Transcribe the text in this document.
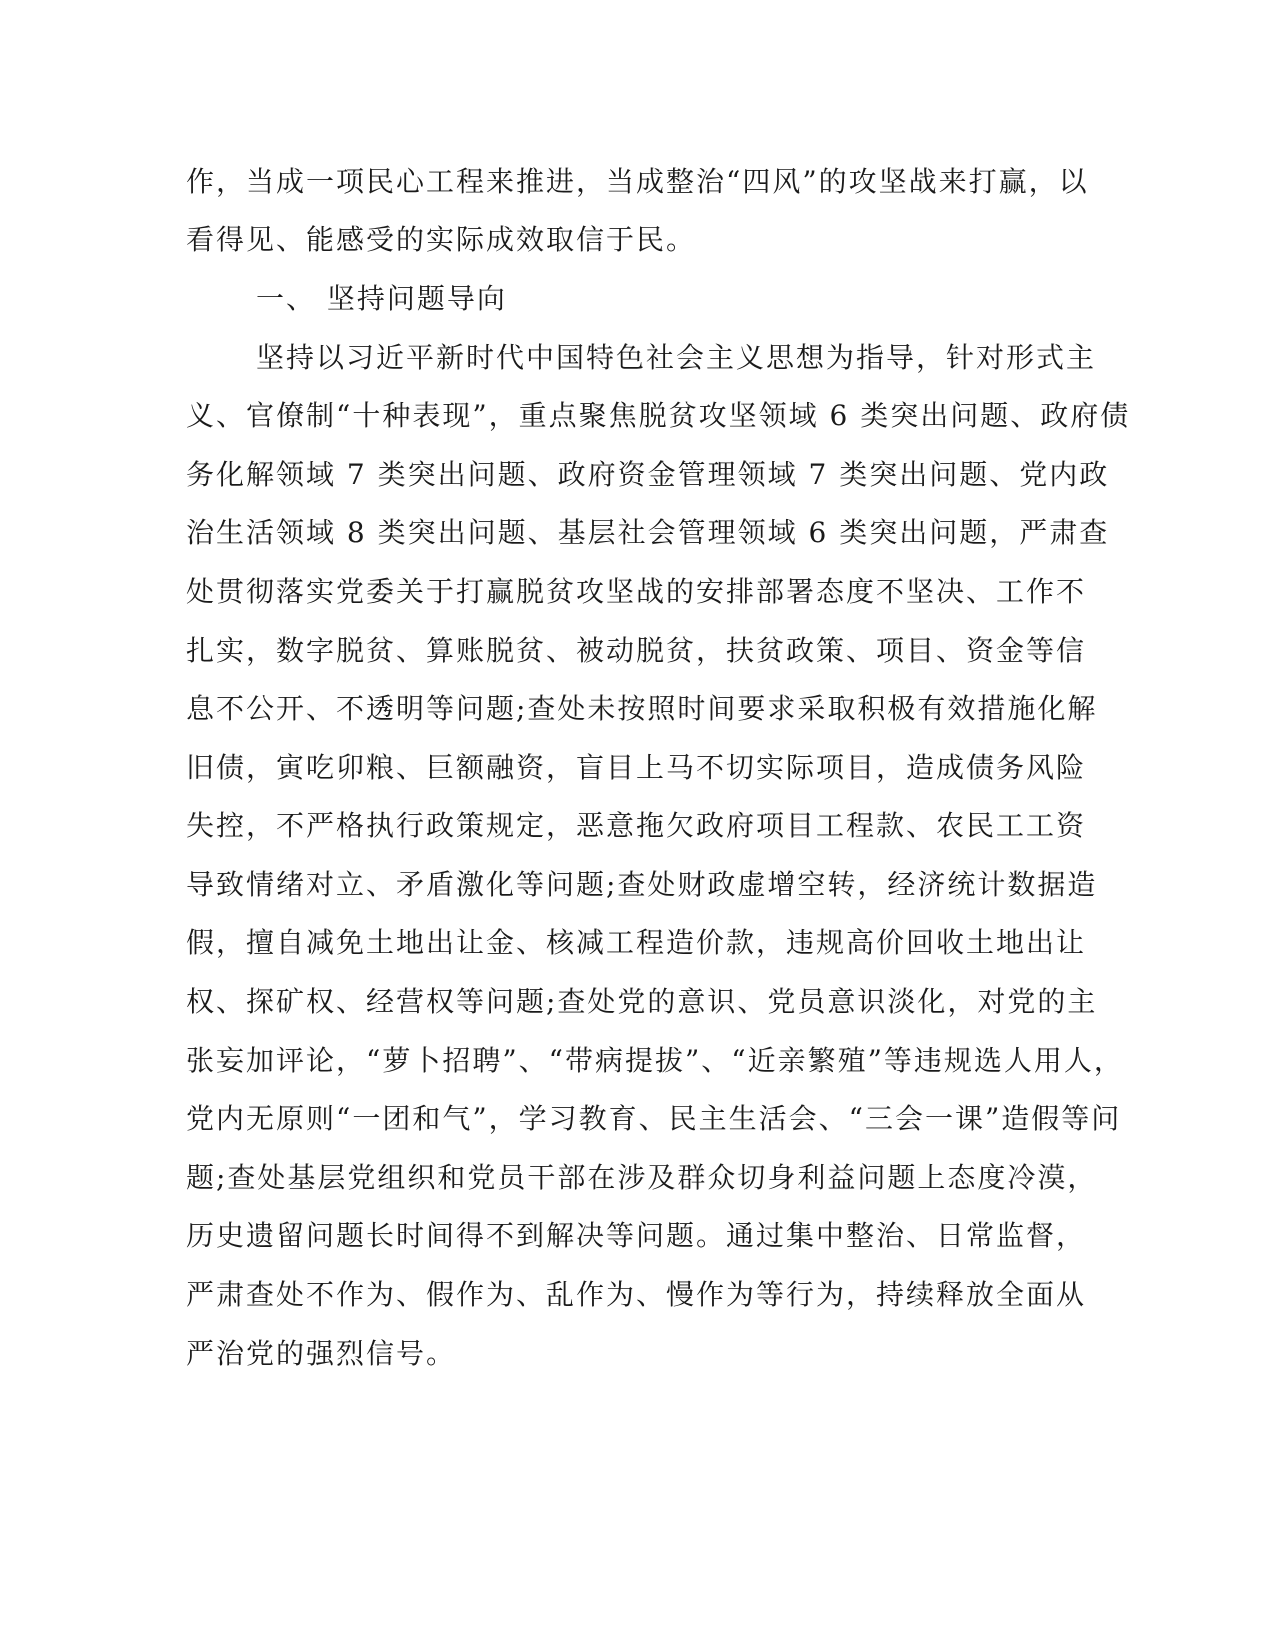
作，当成一项民心工程来推进，当成整治“四风”的攻坚战来打赢，以
看得见、能感受的实际成效取信于民。
一、 坚持问题导向
坚持以习近平新时代中国特色社会主义思想为指导，针对形式主
义、官僚制“十种表现”，重点聚焦脱贫攻坚领域 6 类突出问题、政府债
务化解领域 7 类突出问题、政府资金管理领域 7 类突出问题、党内政
治生活领域 8 类突出问题、基层社会管理领域 6 类突出问题，严肃查
处贯彻落实党委关于打赢脱贫攻坚战的安排部署态度不坚决、工作不
扎实，数字脱贫、算账脱贫、被动脱贫，扶贫政策、项目、资金等信
息不公开、不透明等问题;查处未按照时间要求采取积极有效措施化解
旧债，寅吃卯粮、巨额融资，盲目上马不切实际项目，造成债务风险
失控，不严格执行政策规定，恶意拖欠政府项目工程款、农民工工资
导致情绪对立、矛盾激化等问题;查处财政虚增空转，经济统计数据造
假，擅自减免土地出让金、核减工程造价款，违规高价回收土地出让
权、探矿权、经营权等问题;查处党的意识、党员意识淡化，对党的主
张妄加评论，“萝卜招聘”、“带病提拔”、“近亲繁殖”等违规选人用人，
党内无原则“一团和气”，学习教育、民主生活会、“三会一课”造假等问
题;查处基层党组织和党员干部在涉及群众切身利益问题上态度冷漠，
历史遗留问题长时间得不到解决等问题。通过集中整治、日常监督，
严肃查处不作为、假作为、乱作为、慢作为等行为，持续释放全面从
严治党的强烈信号。
